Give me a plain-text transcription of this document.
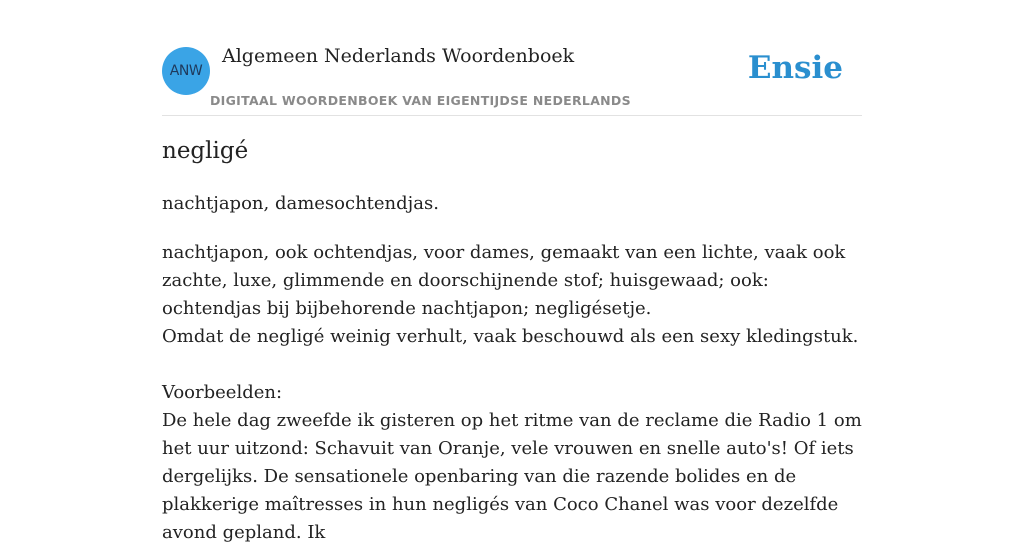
ANW
Algemeen Nederlands Woordenboek
DIGITAAL WOORDENBOEK VAN EIGENTIJDSE NEDERLANDS
Ensie
negligé
nachtjapon, damesochtendjas.

nachtjapon, ook ochtendjas, voor dames, gemaakt van een lichte, vaak ook zachte, luxe, glimmende en doorschijnende stof; huisgewaad; ook: ochtendjas bij bijbehorende nachtjapon; negligésetje.

Omdat de negligé weinig verhult, vaak beschouwd als een sexy kledingstuk.

Voorbeelden:

De hele dag zweefde ik gisteren op het ritme van de reclame die Radio 1 om het uur uitzond: Schavuit van Oranje, vele vrouwen en snelle auto's! Of iets dergelijks. De sensationele openbaring van die razende bolides en de plakkerige maîtresses in hun negligés van Coco Chanel was voor dezelfde avond gepland. Ik
